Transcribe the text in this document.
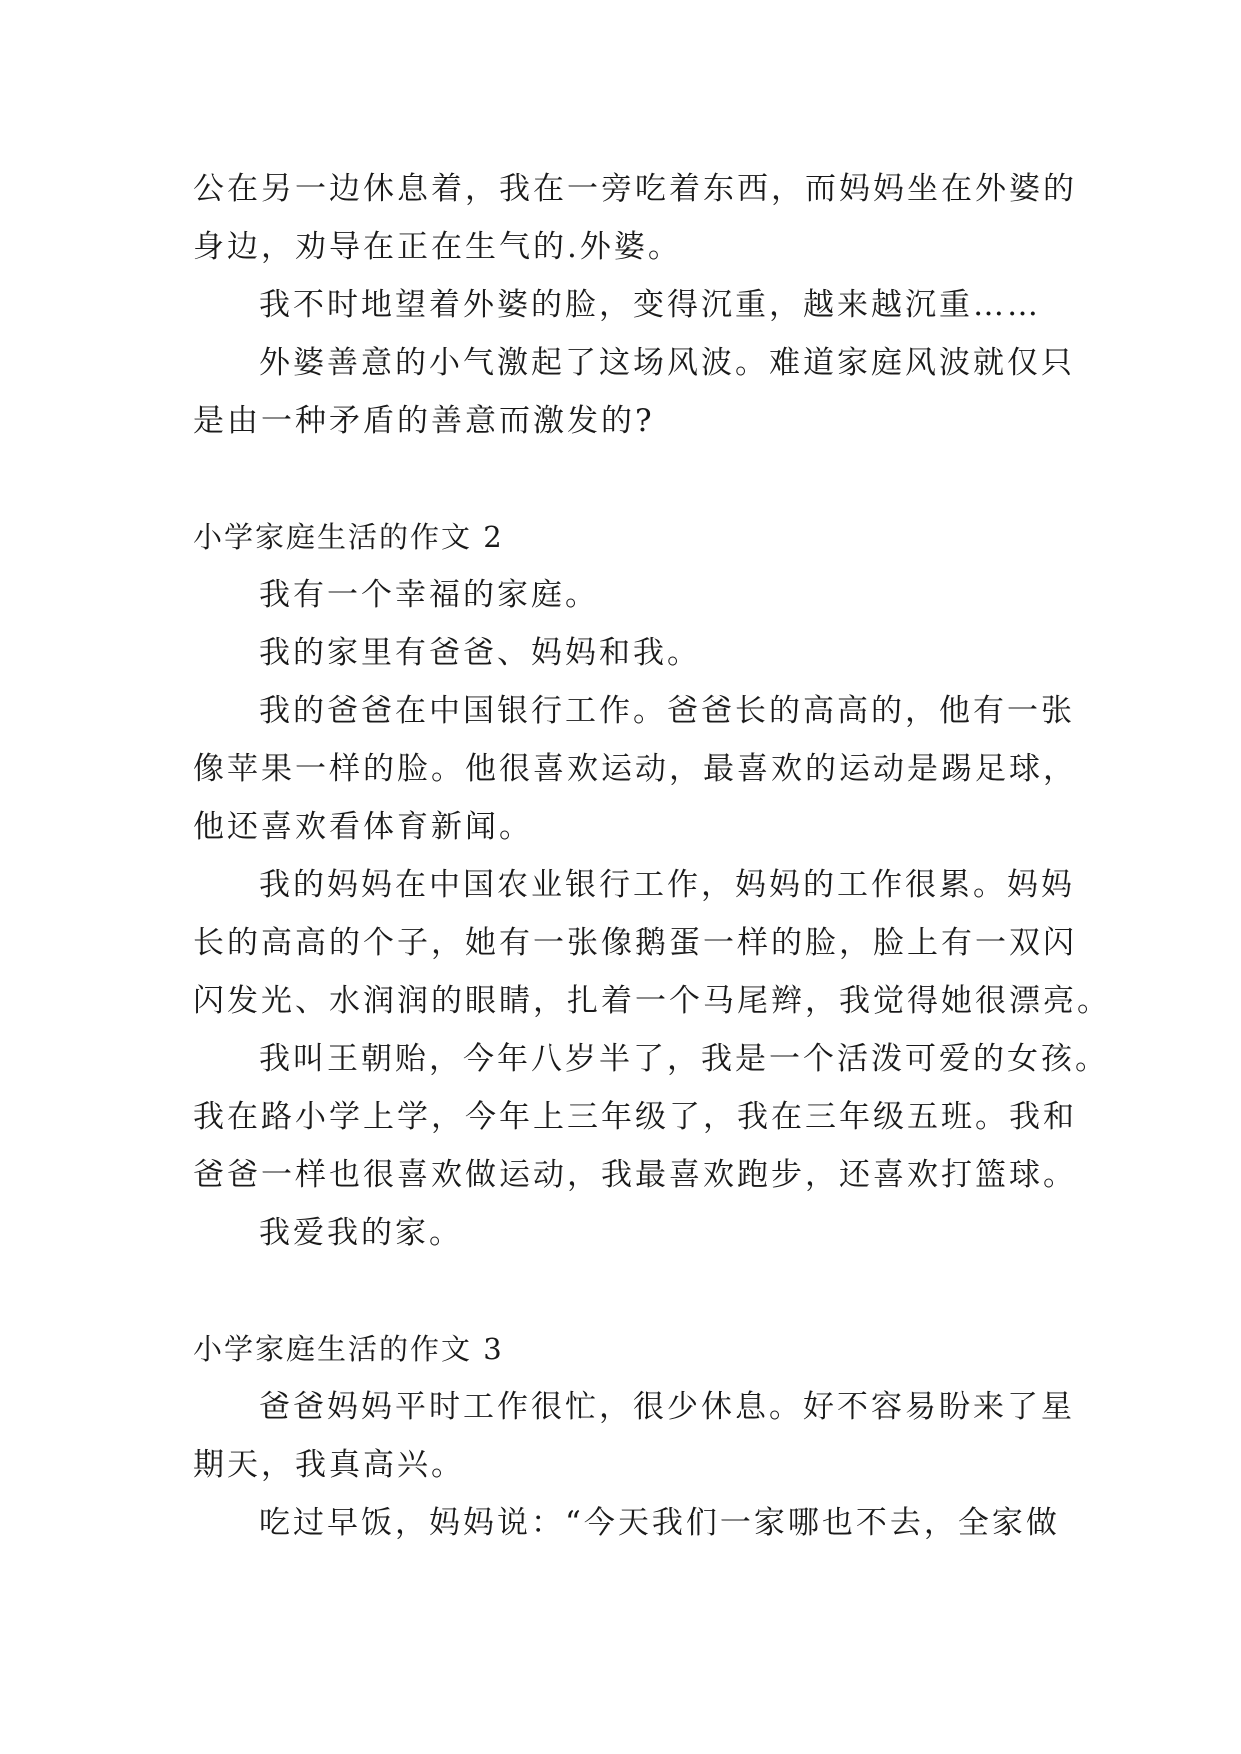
公在另一边休息着，我在一旁吃着东西，而妈妈坐在外婆的
身边，劝导在正在生气的.外婆。
我不时地望着外婆的脸，变得沉重，越来越沉重……
外婆善意的小气激起了这场风波。难道家庭风波就仅只
是由一种矛盾的善意而激发的?
小学家庭生活的作文 2
我有一个幸福的家庭。
我的家里有爸爸、妈妈和我。
我的爸爸在中国银行工作。爸爸长的高高的，他有一张
像苹果一样的脸。他很喜欢运动，最喜欢的运动是踢足球，
他还喜欢看体育新闻。
我的妈妈在中国农业银行工作，妈妈的工作很累。妈妈
长的高高的个子，她有一张像鹅蛋一样的脸，脸上有一双闪
闪发光、水润润的眼睛，扎着一个马尾辫，我觉得她很漂亮。
我叫王朝贻，今年八岁半了，我是一个活泼可爱的女孩。
我在路小学上学，今年上三年级了，我在三年级五班。我和
爸爸一样也很喜欢做运动，我最喜欢跑步，还喜欢打篮球。
我爱我的家。
小学家庭生活的作文 3
爸爸妈妈平时工作很忙，很少休息。好不容易盼来了星
期天，我真高兴。
吃过早饭，妈妈说：“今天我们一家哪也不去，全家做
